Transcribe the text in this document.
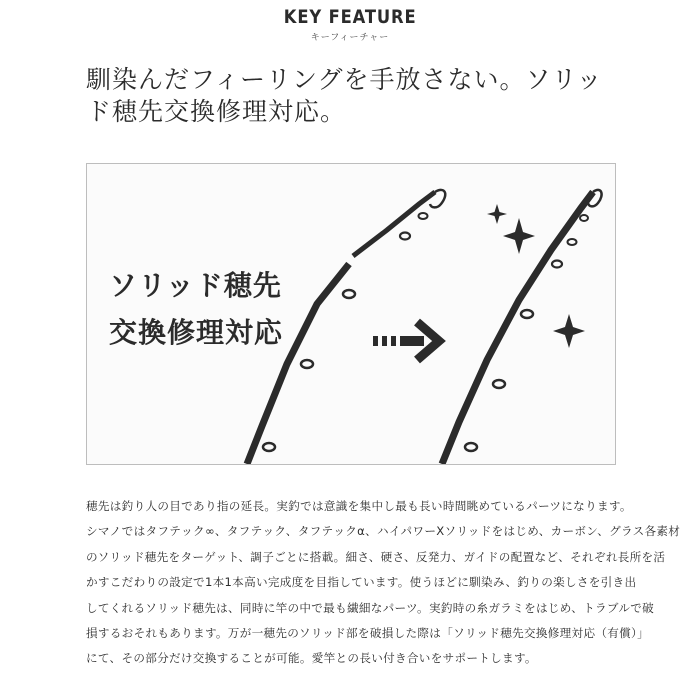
KEY FEATURE
キーフィーチャー
馴染んだフィーリングを手放さない。ソリッ
ド穂先交換修理対応。
ソリッド穂先
交換修理対応
穂先は釣り人の目であり指の延長。実釣では意識を集中し最も長い時間眺めているパーツになります。
シマノではタフテック∞、タフテック、タフテックα、ハイパワーXソリッドをはじめ、カーボン、グラス各素材
のソリッド穂先をターゲット、調子ごとに搭載。細さ、硬さ、反発力、ガイドの配置など、それぞれ長所を活
かすこだわりの設定で1本1本高い完成度を目指しています。使うほどに馴染み、釣りの楽しさを引き出
してくれるソリッド穂先は、同時に竿の中で最も繊細なパーツ。実釣時の糸ガラミをはじめ、トラブルで破
損するおそれもあります。万が一穂先のソリッド部を破損した際は「ソリッド穂先交換修理対応（有償）」
にて、その部分だけ交換することが可能。愛竿との長い付き合いをサポートします。
